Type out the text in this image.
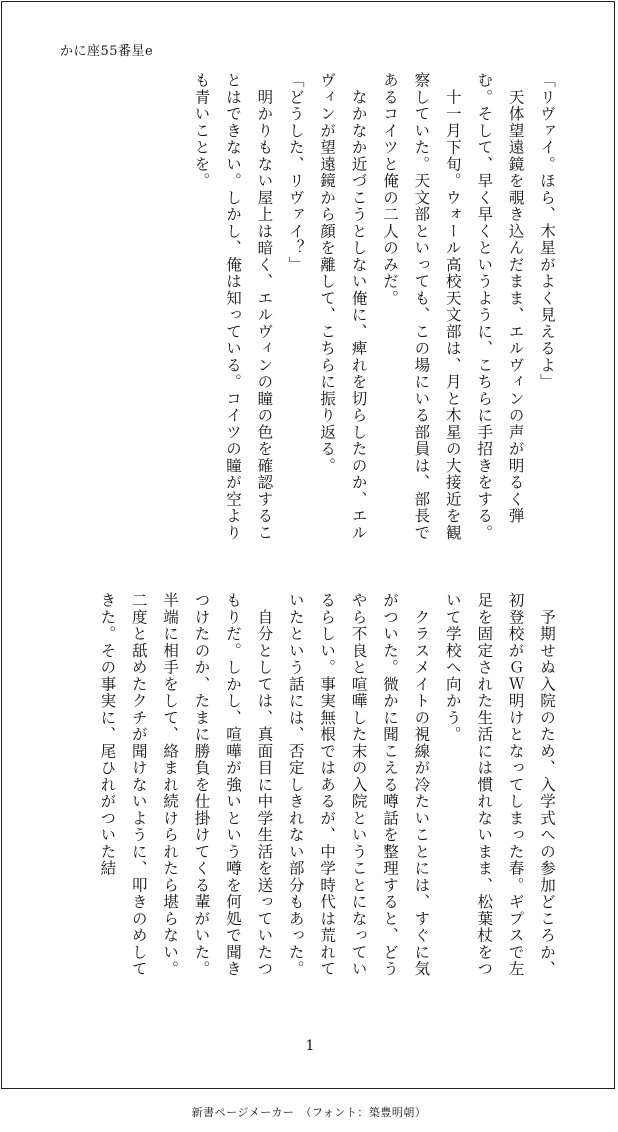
かに座55番星e

「リヴァイ。ほら、木星がよく見えるよ」

　天体望遠鏡を覗き込んだまま、エルヴィンの声が明るく弾む。そして、早く早くというように、こちらに手招きをする。

　十一月下旬。ウォール高校天文部は、月と木星の大接近を観察していた。天文部といっても、この場にいる部員は、部長であるコイツと俺の二人のみだ。

　なかなか近づこうとしない俺に、痺れを切らしたのか、エルヴィンが望遠鏡から顔を離して、こちらに振り返る。

「どうした、リヴァイ？」

　明かりもない屋上は暗く、エルヴィンの瞳の色を確認することはできない。しかし、俺は知っている。コイツの瞳が空よりも青いことを。

　予期せぬ入院のため、入学式への参加どころか、初登校がＧＷ明けとなってしまった春。ギプスで左足を固定された生活には慣れないまま、松葉杖をついて学校へ向かう。

　クラスメイトの視線が冷たいことには、すぐに気がついた。微かに聞こえる噂話を整理すると、どうやら不良と喧嘩した末の入院ということになっているらしい。事実無根ではあるが、中学時代は荒れていたという話には、否定しきれない部分もあった。

　自分としては、真面目に中学生活を送っていたつもりだ。しかし、喧嘩が強いという噂を何処で聞きつけたのか、たまに勝負を仕掛けてくる輩がいた。半端に相手をして、絡まれ続けられたら堪らない。二度と舐めたクチが聞けないように、叩きのめしてきた。その事実に、尾ひれがついた結

1
新書ページメーカー　（フォント：築豊明朝）
